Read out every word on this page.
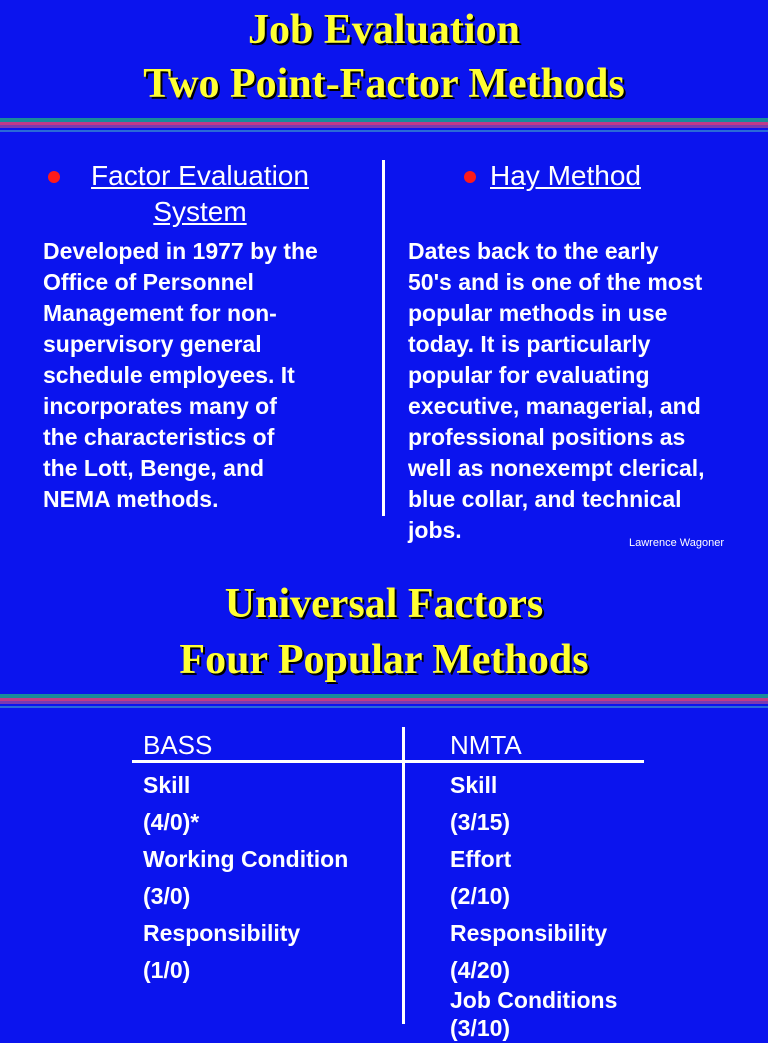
Job Evaluation
Two Point-Factor Methods
Factor Evaluation
System

Developed in 1977 by the
Office of Personnel
Management for non-
supervisory general
schedule employees. It
incorporates many of
the characteristics of
the Lott, Benge, and
NEMA methods.

Hay Method

Dates back to the early
50's and is one of the most
popular methods in use
today. It is particularly
popular for evaluating
executive, managerial, and
professional positions as
well as nonexempt clerical,
blue collar, and technical
jobs.	Lawrence Wagoner
Universal Factors
Four Popular Methods
BASS	NMTA
Skill
(4/0)*
Working Condition
(3/0)
Responsibility
(1/0)
Skill
(3/15)
Effort
(2/10)
Responsibility
(4/20)
Job Conditions
(3/10)
